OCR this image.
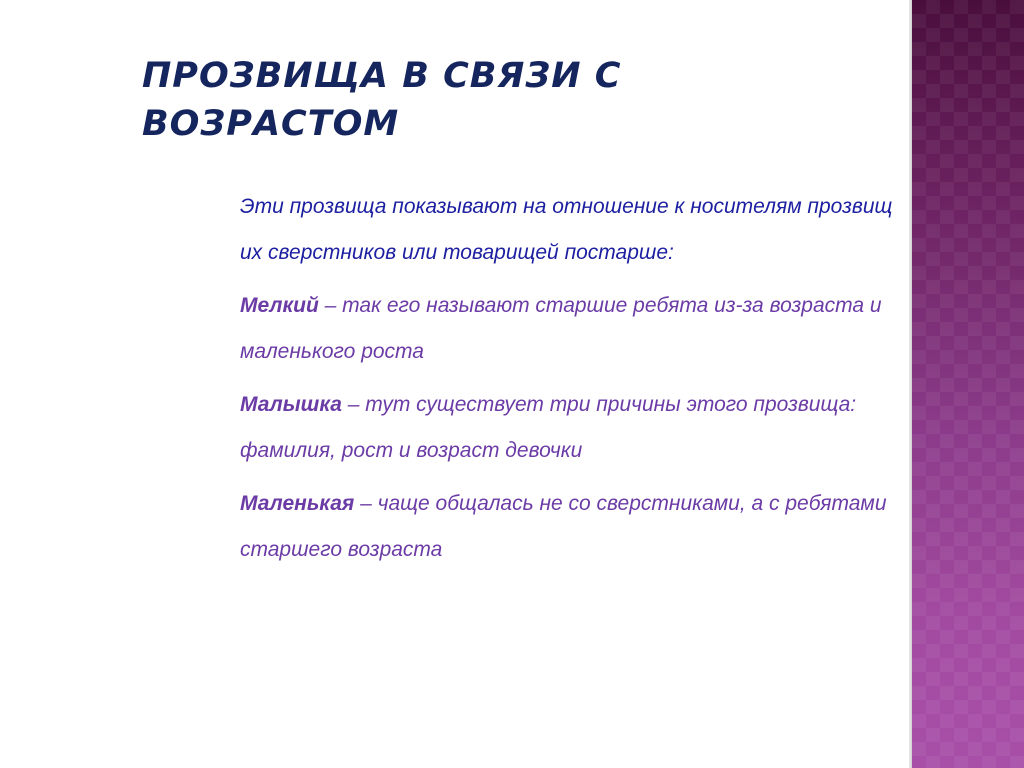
ПРОЗВИЩА В СВЯЗИ С ВОЗРАСТОМ

Эти прозвища показывают на отношение к носителям прозвищ их сверстников или товарищей постарше:

Мелкий – так его называют старшие ребята из-за возраста и маленького роста

Малышка – тут существует три причины этого прозвища: фамилия, рост и возраст девочки

Маленькая – чаще общалась не со сверстниками, а с ребятами старшего возраста
